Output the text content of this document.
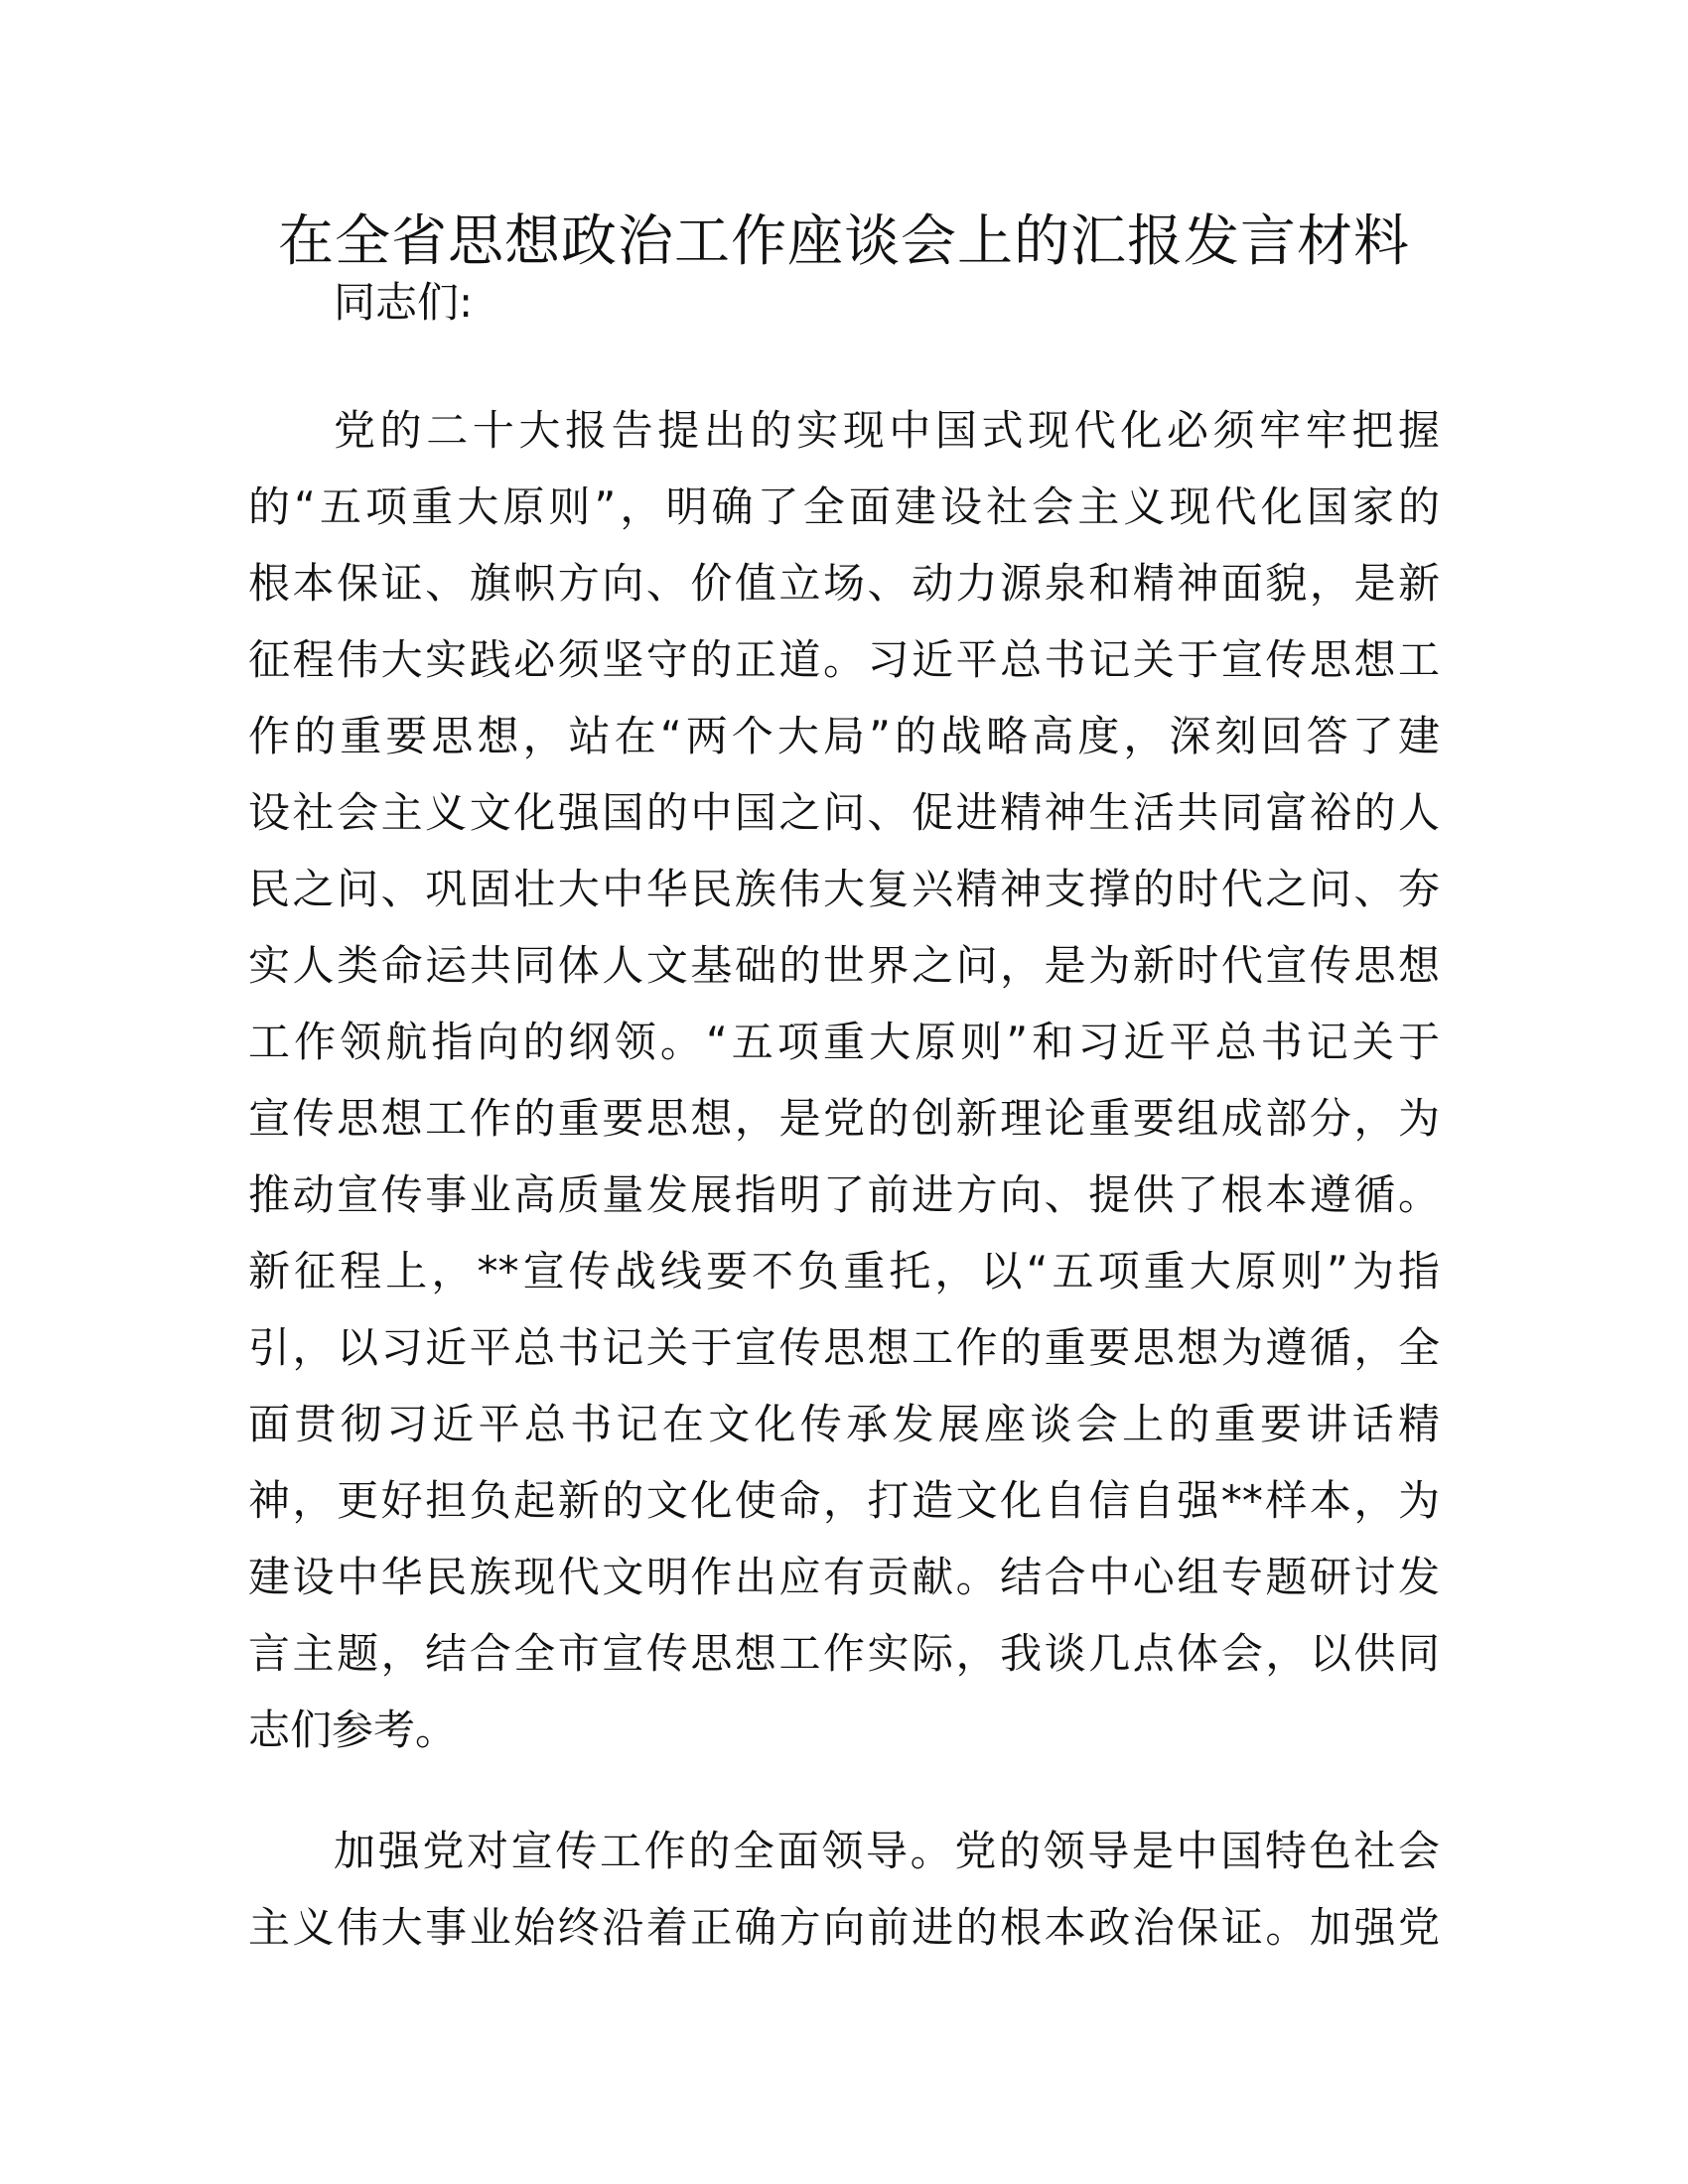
在全省思想政治工作座谈会上的汇报发言材料

同志们:

党的二十大报告提出的实现中国式现代化必须牢牢把握
的“五项重大原则”，明确了全面建设社会主义现代化国家的
根本保证、旗帜方向、价值立场、动力源泉和精神面貌，是新
征程伟大实践必须坚守的正道。习近平总书记关于宣传思想工
作的重要思想，站在“两个大局”的战略高度，深刻回答了建
设社会主义文化强国的中国之问、促进精神生活共同富裕的人
民之问、巩固壮大中华民族伟大复兴精神支撑的时代之问、夯
实人类命运共同体人文基础的世界之问，是为新时代宣传思想
工作领航指向的纲领。“五项重大原则”和习近平总书记关于
宣传思想工作的重要思想，是党的创新理论重要组成部分，为
推动宣传事业高质量发展指明了前进方向、提供了根本遵循。
新征程上，**宣传战线要不负重托，以“五项重大原则”为指
引，以习近平总书记关于宣传思想工作的重要思想为遵循，全
面贯彻习近平总书记在文化传承发展座谈会上的重要讲话精
神，更好担负起新的文化使命，打造文化自信自强**样本，为
建设中华民族现代文明作出应有贡献。结合中心组专题研讨发
言主题，结合全市宣传思想工作实际，我谈几点体会，以供同
志们参考。
加强党对宣传工作的全面领导。党的领导是中国特色社会
主义伟大事业始终沿着正确方向前进的根本政治保证。加强党
